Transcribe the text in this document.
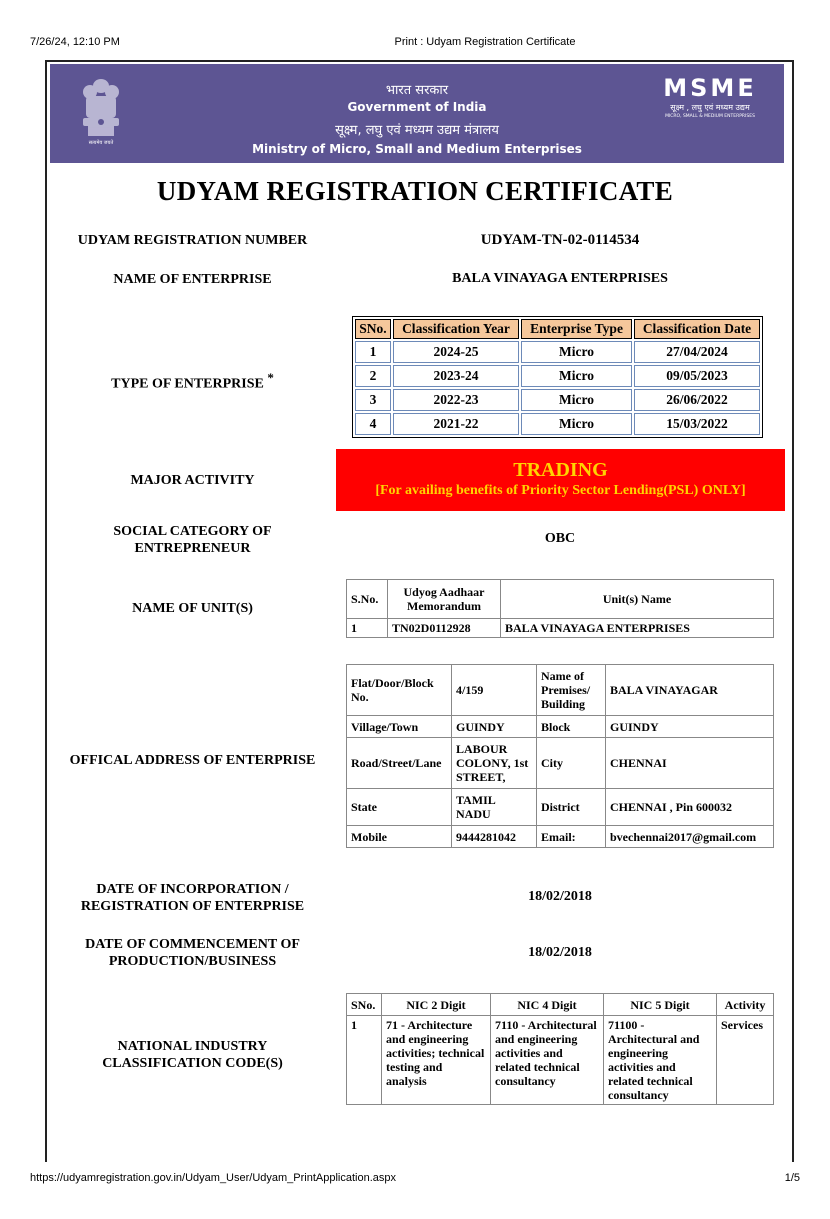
7/26/24, 12:10 PM	Print : Udyam Registration Certificate
https://udyamregistration.gov.in/Udyam_User/Udyam_PrintApplication.aspx	1/5
सत्यमेव जयते
भारत सरकार
Government of India
सूक्ष्म, लघु एवं मध्यम उद्यम मंत्रालय
Ministry of Micro, Small and Medium Enterprises
MSME
सूक्ष्म , लघु एवं मध्यम उद्यम
MICRO, SMALL & MEDIUM ENTERPRISES
UDYAM REGISTRATION CERTIFICATE
UDYAM REGISTRATION NUMBER	UDYAM-TN-02-0114534
NAME OF ENTERPRISE	BALA VINAYAGA ENTERPRISES
TYPE OF ENTERPRISE *
SNo.	Classification Year	Enterprise Type	Classification Date
1	2024-25	Micro	27/04/2024
2	2023-24	Micro	09/05/2023
3	2022-23	Micro	26/06/2022
4	2021-22	Micro	15/03/2022
MAJOR ACTIVITY	TRADING
[For availing benefits of Priority Sector Lending(PSL) ONLY]
SOCIAL CATEGORY OF
ENTREPRENEUR
OBC
NAME OF UNIT(S)
S.No.	Udyog Aadhaar Memorandum	Unit(s) Name
1	TN02D0112928	BALA VINAYAGA ENTERPRISES
OFFICAL ADDRESS OF ENTERPRISE
Flat/Door/Block No.	4/159	Name of Premises/ Building	BALA VINAYAGAR
Village/Town	GUINDY	Block	GUINDY
Road/Street/Lane	LABOUR COLONY, 1st STREET,	City	CHENNAI
State	TAMIL NADU	District	CHENNAI , Pin 600032
Mobile	9444281042	Email:	bvechennai2017@gmail.com
DATE OF INCORPORATION /
REGISTRATION OF ENTERPRISE
18/02/2018
DATE OF COMMENCEMENT OF
PRODUCTION/BUSINESS
18/02/2018
NATIONAL INDUSTRY
CLASSIFICATION CODE(S)
SNo.	NIC 2 Digit	NIC 4 Digit	NIC 5 Digit	Activity
1	71 - Architecture and engineering activities; technical testing and analysis	7110 - Architectural and engineering activities and related technical consultancy	71100 - Architectural and engineering activities and related technical consultancy	Services
